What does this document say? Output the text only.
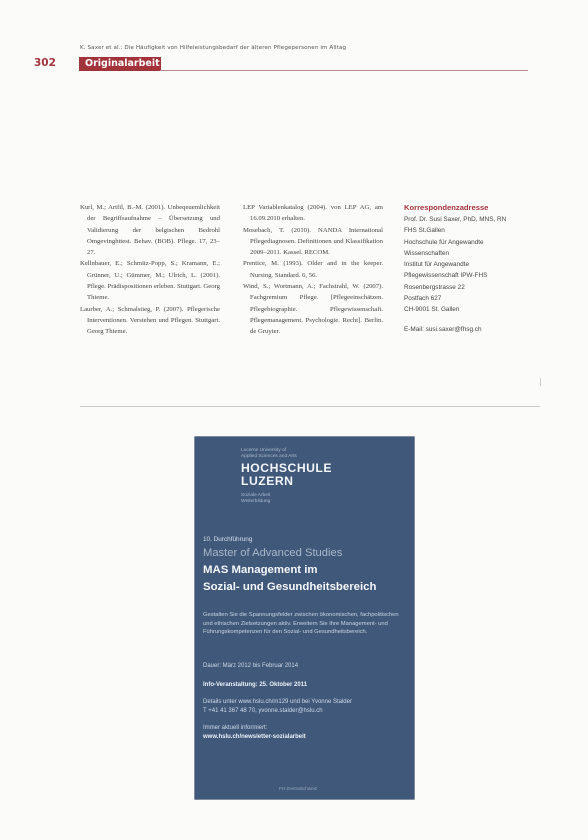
K. Saxer et al.: Die Häufigkeit von Hilfeleistungsbedarf der älteren Pflegepersonen im Alltag
302	Originalarbeit

Kurl, M.; Artfil, B.-M. (2001). Unbeqeuemlichkeit der Begriffsaufnahme – Übersetzung und Validierung der belgischen Bedrohl Omgevinghttest. Behav. (BOB). Pflege. 17, 23–27.

Kellnbauer, E.; Schmitz-Popp, S.; Kramann, E.; Grünner, U.; Gümmer, M.; Ulrich, L. (2001). Pflege. Prädispositionen erleben. Stuttgart. Georg Thieme.

Laurber, A.; Schmalstieg, P. (2007). Pflegerische Interventionen. Verstehen und Pflegen. Stuttgart. Georg Thieme.

LEP Variablenkatalog (2004). von LEP AG, am 16.09.2010 erhalten.

Mosebach, T. (2010). NANDA International Pflegediagnosen. Definitionen und Klassifikation 2009–2011. Kassel. RECOM.

Prentice, M. (1993). Older and in the keeper. Nursing. Standard. 6, 56.

Wind, S.; Wortmann, A.; Fachstrahl, W. (2007). Fachgremium Pflege. [Pflegeeinschätzen. Pflegebiographie. Pflegewissenschaft. Pflegemanagement. Psychologie. Recht]. Berlin. de Gruyter.

Korrespondenzadresse
Prof. Dr. Susi Saxer, PhD, MNS, RN
FHS St.Gallen
Hochschule für Angewandte
Wissenschaften
Institut für Angewandte
Pflegewissenschaft IPW-FHS
Rosenbergstrasse 22
Postfach 627
CH-9001 St. Gallen
E-Mail: susi.saxer@fhsg.ch
Lucerne University of
Applied Sciences and Arts
HOCHSCHULE
LUZERN
Soziale Arbeit
Weiterbildung
10. Durchführung
Master of Advanced Studies
MAS Management im
Sozial- und Gesundheitsbereich
Gestalten Sie die Spannungsfelder zwischen ökonomischen, fachpolitischen und ethischen Zielsetzungen aktiv. Erweitern Sie Ihre Management- und Führungskompetenzen für den Sozial- und Gesundheitsbereich.
Dauer: März 2012 bis Februar 2014
Info-Veranstaltung: 25. Oktober 2011
Details unter www.hslu.ch/m129 und bei Yvonne Stalder
T +41 41 367 48 70, yvonne.stalder@hslu.ch
Immer aktuell informiert:
www.hslu.ch/newsletter-sozialarbeit
FH Zentralschweiz
